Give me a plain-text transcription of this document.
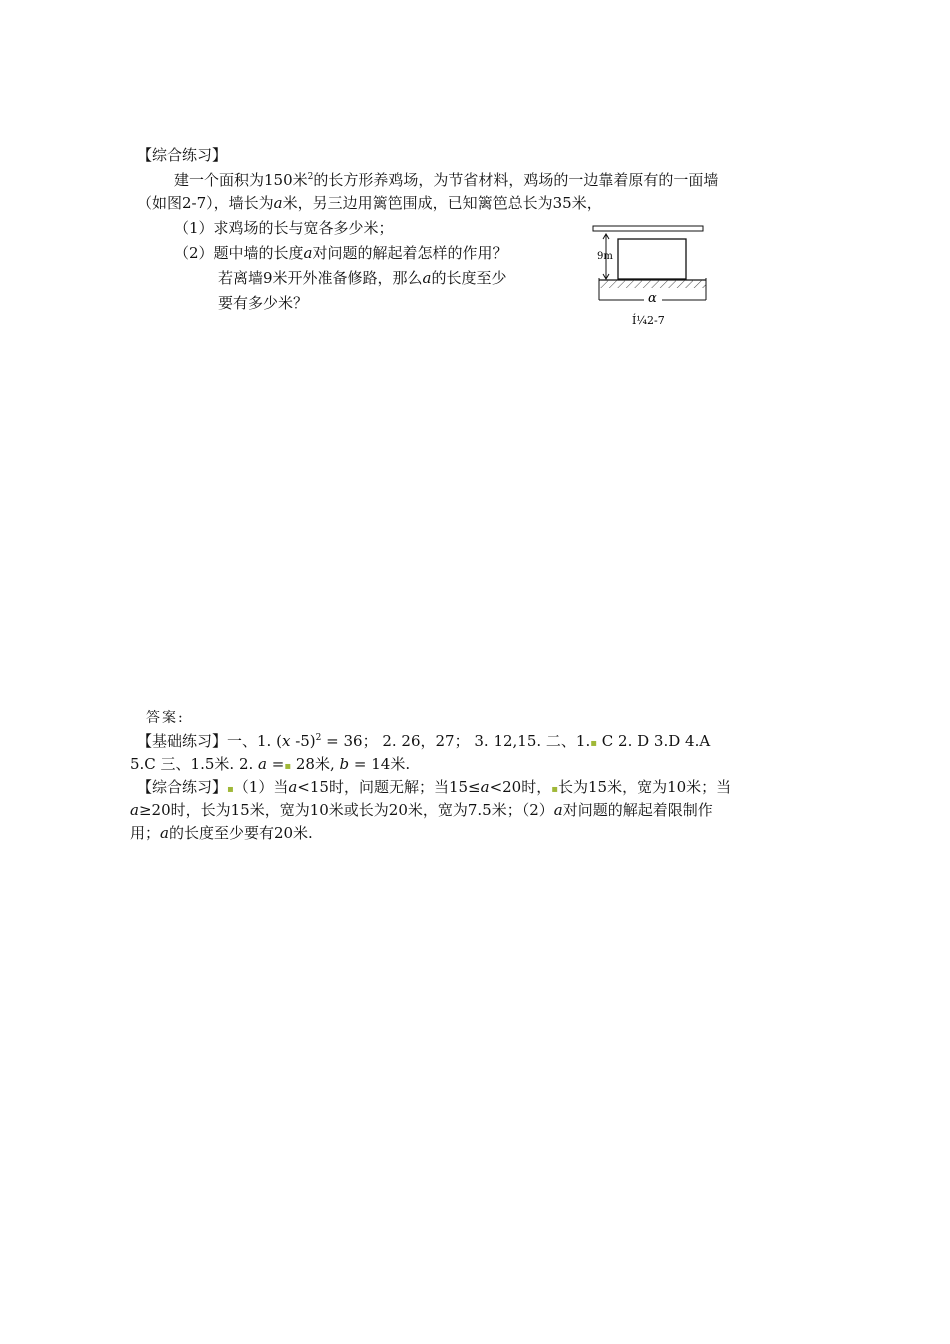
【综合练习】
建一个面积为150米$^2$的长方形养鸡场，为节省材料，鸡场的一边靠着原有的一面墙
（如图2-7），墙长为a米，另三边用篱笆围成，已知篱笆总长为35米，
（1）求鸡场的长与宽各多少米；
（2）题中墙的长度a对问题的解起着怎样的作用？
若离墙9米开外准备修路，那么a的长度至少
要有多少米？
9m
α
Í¼2-7
答案:
【基础练习】一、1. (x -5)$^2$ = 36； 2. 26，27； 3. 12,15. 二、1.▪ C 2. D 3.D 4.A
5.C 三、1.5米. 2. a =▪ 28米, b = 14米.
【综合练习】▪（1）当a<15时，问题无解；当15≤a<20时，▪长为15米，宽为10米；当
a≥20时，长为15米，宽为10米或长为20米，宽为7.5米；（2）a对问题的解起着限制作
用；a的长度至少要有20米.
